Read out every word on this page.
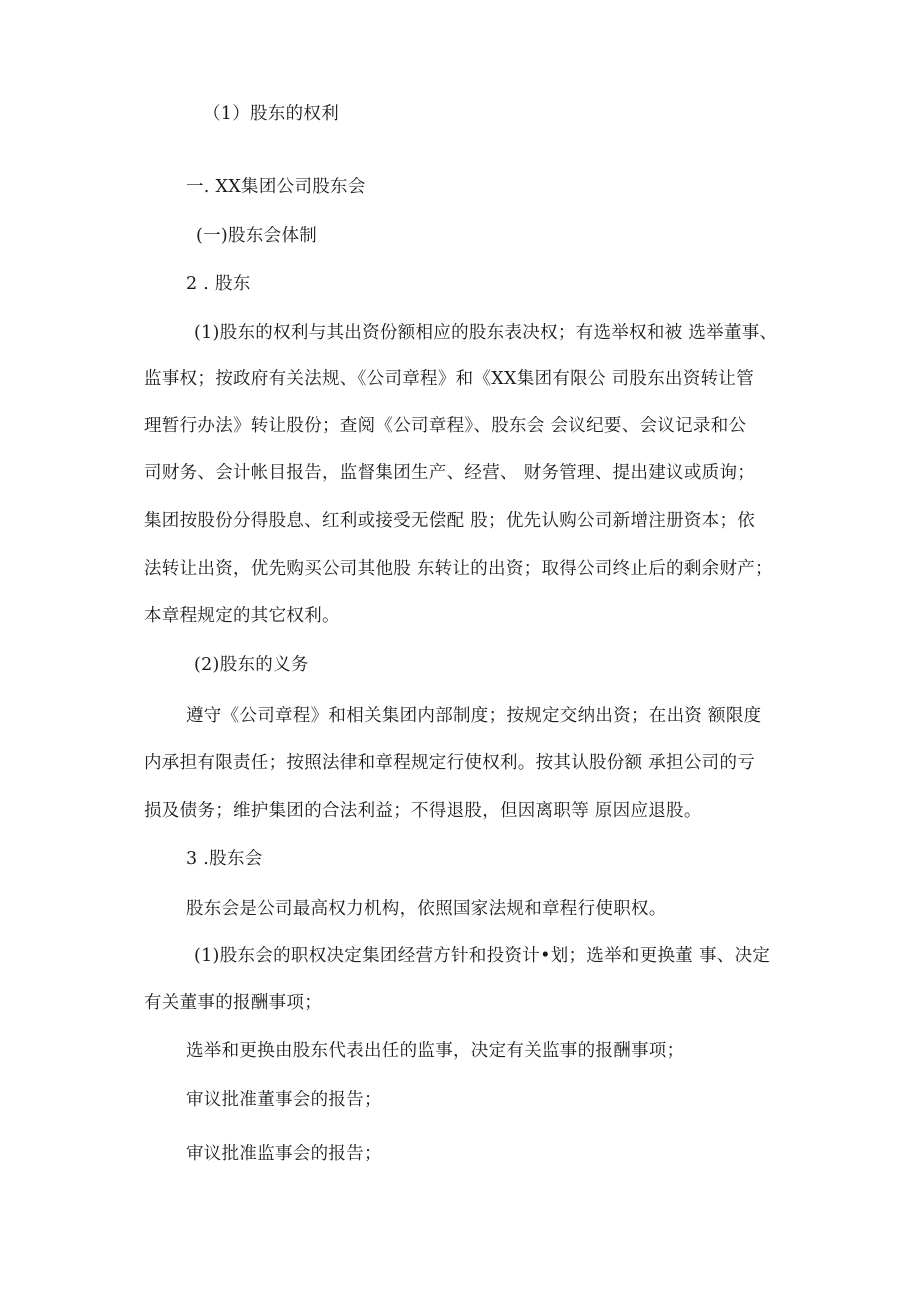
（1）股东的权利
一. XX集团公司股东会
(一)股东会体制
2 . 股东
(1)股东的权利与其出资份额相应的股东表决权；有选举权和被 选举董事、
监事权；按政府有关法规、《公司章程》和《XX集团有限公 司股东出资转让管
理暂行办法》转让股份；查阅《公司章程》、股东会 会议纪要、会议记录和公
司财务、会计帐目报告，监督集团生产、经营、 财务管理、提出建议或质询；
集团按股份分得股息、红利或接受无偿配 股；优先认购公司新增注册资本；依
法转让出资，优先购买公司其他股 东转让的出资；取得公司终止后的剩余财产；
本章程规定的其它权利。
(2)股东的义务
遵守《公司章程》和相关集团内部制度；按规定交纳出资；在出资 额限度
内承担有限责任；按照法律和章程规定行使权利。按其认股份额 承担公司的亏
损及债务；维护集团的合法利益；不得退股，但因离职等 原因应退股。
3 .股东会
股东会是公司最高权力机构，依照国家法规和章程行使职权。
(1)股东会的职权决定集团经营方针和投资计•划；选举和更换董 事、决定
有关董事的报酬事项；
选举和更换由股东代表出任的监事，决定有关监事的报酬事项；
审议批准董事会的报告；
审议批准监事会的报告；
